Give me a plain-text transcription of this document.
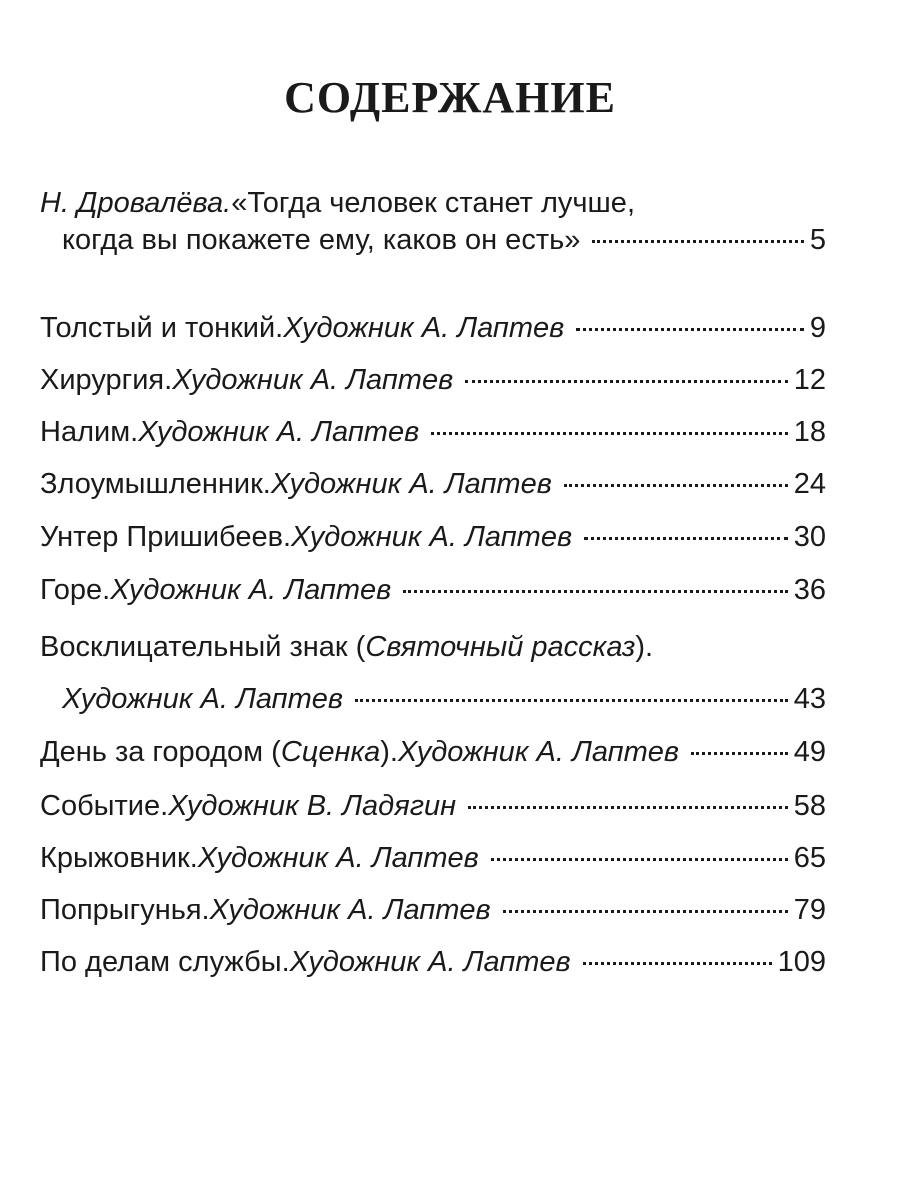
СОДЕРЖАНИЕ
Н. Дровалёва. «Тогда человек станет лучше,
когда вы покажете ему, каков он есть»	5
Толстый и тонкий. Художник А. Лаптев	9
Хирургия. Художник А. Лаптев	12
Налим. Художник А. Лаптев	18
Злоумышленник. Художник А. Лаптев	24
Унтер Пришибеев. Художник А. Лаптев	30
Горе. Художник А. Лаптев	36
Восклицательный знак ( Святочный рассказ ).
Художник А. Лаптев	43
День за городом ( Сценка ). Художник А. Лаптев	49
Событие. Художник В. Ладягин	58
Крыжовник. Художник А. Лаптев	65
Попрыгунья. Художник А. Лаптев	79
По делам службы. Художник А. Лаптев	109
